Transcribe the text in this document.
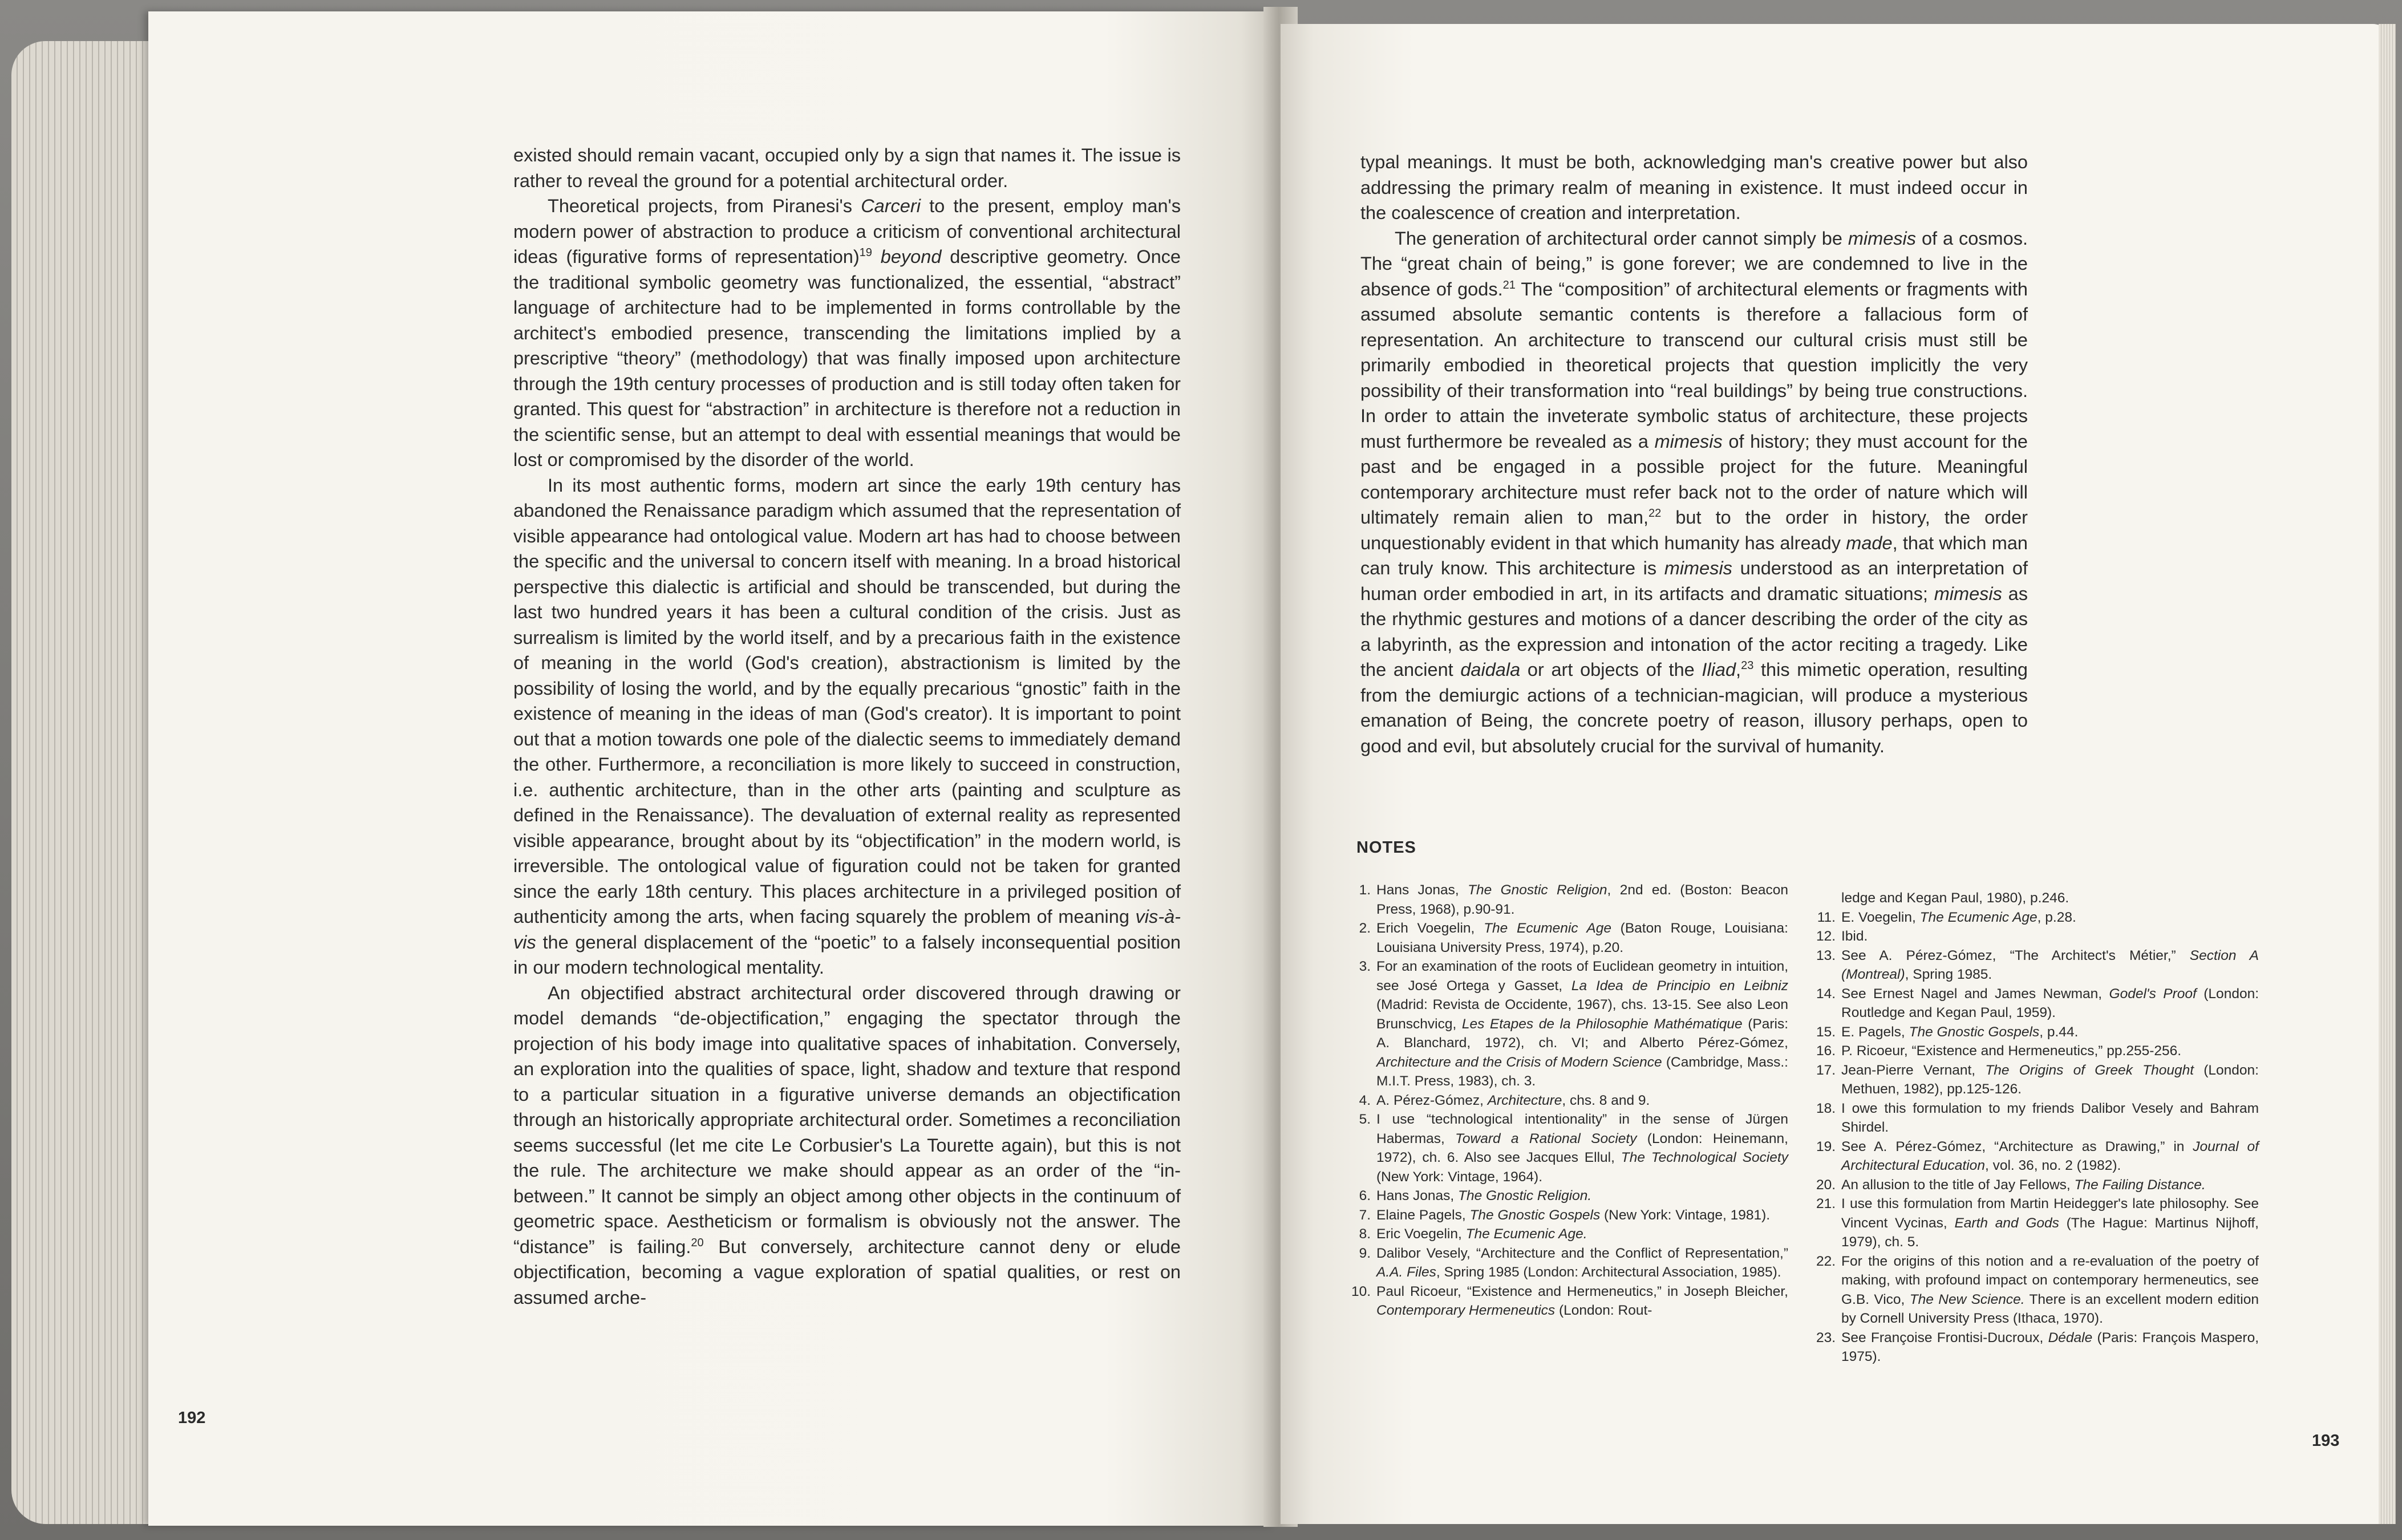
existed should remain vacant, occupied only by a sign that names it. The issue is rather to reveal the ground for a potential architectural order.

Theoretical projects, from Piranesi's Carceri to the present, employ man's modern power of abstraction to produce a criticism of conventional architectural ideas (figurative forms of representation)$^{19}$ beyond descriptive geometry. Once the traditional symbolic geometry was functionalized, the essential, “abstract” language of architecture had to be implemented in forms controllable by the architect's embodied presence, transcending the limitations implied by a prescriptive “theory” (methodology) that was finally imposed upon architecture through the 19th century processes of production and is still today often taken for granted. This quest for “abstraction” in architecture is therefore not a reduction in the scientific sense, but an attempt to deal with essential meanings that would be lost or compromised by the disorder of the world.

In its most authentic forms, modern art since the early 19th century has abandoned the Renaissance paradigm which assumed that the representation of visible appearance had ontological value. Modern art has had to choose between the specific and the universal to concern itself with meaning. In a broad historical perspective this dialectic is artificial and should be transcended, but during the last two hundred years it has been a cultural condition of the crisis. Just as surrealism is limited by the world itself, and by a precarious faith in the existence of meaning in the world (God's creation), abstractionism is limited by the possibility of losing the world, and by the equally precarious “gnostic” faith in the existence of meaning in the ideas of man (God's creator). It is important to point out that a motion towards one pole of the dialectic seems to immediately demand the other. Furthermore, a reconciliation is more likely to succeed in construction, i.e. authentic architecture, than in the other arts (painting and sculpture as defined in the Renaissance). The devaluation of external reality as represented visible appearance, brought about by its “objectification” in the modern world, is irreversible. The ontological value of figuration could not be taken for granted since the early 18th century. This places architecture in a privileged position of authenticity among the arts, when facing squarely the problem of meaning vis-à-vis the general displacement of the “poetic” to a falsely inconsequential position in our modern technological mentality.

An objectified abstract architectural order discovered through drawing or model demands “de-objectification,” engaging the spectator through the projection of his body image into qualitative spaces of inhabitation. Conversely, an exploration into the qualities of space, light, shadow and texture that respond to a particular situation in a figurative universe demands an objectification through an historically appropriate architectural order. Sometimes a reconciliation seems successful (let me cite Le Corbusier's La Tourette again), but this is not the rule. The architecture we make should appear as an order of the “in-between.” It cannot be simply an object among other objects in the continuum of geometric space. Aestheticism or formalism is obviously not the answer. The “distance” is failing.$^{20}$ But conversely, architecture cannot deny or elude objectification, becoming a vague exploration of spatial qualities, or rest on assumed arche-

192

typal meanings. It must be both, acknowledging man's creative power but also addressing the primary realm of meaning in existence. It must indeed occur in the coalescence of creation and interpretation.

The generation of architectural order cannot simply be mimesis of a cosmos. The “great chain of being,” is gone forever; we are condemned to live in the absence of gods.$^{21}$ The “composition” of architectural elements or fragments with assumed absolute semantic contents is therefore a fallacious form of representation. An architecture to transcend our cultural crisis must still be primarily embodied in theoretical projects that question implicitly the very possibility of their transformation into “real buildings” by being true constructions. In order to attain the inveterate symbolic status of architecture, these projects must furthermore be revealed as a mimesis of history; they must account for the past and be engaged in a possible project for the future. Meaningful contemporary architecture must refer back not to the order of nature which will ultimately remain alien to man,$^{22}$ but to the order in history, the order unquestionably evident in that which humanity has already made, that which man can truly know. This architecture is mimesis understood as an interpretation of human order embodied in art, in its artifacts and dramatic situations; mimesis as the rhythmic gestures and motions of a dancer describing the order of the city as a labyrinth, as the expression and intonation of the actor reciting a tragedy. Like the ancient daidala or art objects of the Iliad,$^{23}$ this mimetic operation, resulting from the demiurgic actions of a technician-magician, will produce a mysterious emanation of Being, the concrete poetry of reason, illusory perhaps, open to good and evil, but absolutely crucial for the survival of humanity.

NOTES
1. Hans Jonas, The Gnostic Religion, 2nd ed. (Boston: Beacon Press, 1968), p.90-91.
2. Erich Voegelin, The Ecumenic Age (Baton Rouge, Louisiana: Louisiana University Press, 1974), p.20.
3. For an examination of the roots of Euclidean geometry in intuition, see José Ortega y Gasset, La Idea de Principio en Leibniz (Madrid: Revista de Occidente, 1967), chs. 13-15. See also Leon Brunschvicg, Les Etapes de la Philosophie Mathématique (Paris: A. Blanchard, 1972), ch. VI; and Alberto Pérez-Gómez, Architecture and the Crisis of Modern Science (Cambridge, Mass.: M.I.T. Press, 1983), ch. 3.
4. A. Pérez-Gómez, Architecture, chs. 8 and 9.
5. I use “technological intentionality” in the sense of Jürgen Habermas, Toward a Rational Society (London: Heinemann, 1972), ch. 6. Also see Jacques Ellul, The Technological Society (New York: Vintage, 1964).
6. Hans Jonas, The Gnostic Religion.
7. Elaine Pagels, The Gnostic Gospels (New York: Vintage, 1981).
8. Eric Voegelin, The Ecumenic Age.
9. Dalibor Vesely, “Architecture and the Conflict of Representation,” A.A. Files, Spring 1985 (London: Architectural Association, 1985).
10. Paul Ricoeur, “Existence and Hermeneutics,” in Joseph Bleicher, Contemporary Hermeneutics (London: Rout-
ledge and Kegan Paul, 1980), p.246.
11. E. Voegelin, The Ecumenic Age, p.28.
12. Ibid.
13. See A. Pérez-Gómez, “The Architect's Métier,” Section A (Montreal), Spring 1985.
14. See Ernest Nagel and James Newman, Godel's Proof (London: Routledge and Kegan Paul, 1959).
15. E. Pagels, The Gnostic Gospels, p.44.
16. P. Ricoeur, “Existence and Hermeneutics,” pp.255-256.
17. Jean-Pierre Vernant, The Origins of Greek Thought (London: Methuen, 1982), pp.125-126.
18. I owe this formulation to my friends Dalibor Vesely and Bahram Shirdel.
19. See A. Pérez-Gómez, “Architecture as Drawing,” in Journal of Architectural Education, vol. 36, no. 2 (1982).
20. An allusion to the title of Jay Fellows, The Failing Distance.
21. I use this formulation from Martin Heidegger's late philosophy. See Vincent Vycinas, Earth and Gods (The Hague: Martinus Nijhoff, 1979), ch. 5.
22. For the origins of this notion and a re-evaluation of the poetry of making, with profound impact on contemporary hermeneutics, see G.B. Vico, The New Science. There is an excellent modern edition by Cornell University Press (Ithaca, 1970).
23. See Françoise Frontisi-Ducroux, Dédale (Paris: François Maspero, 1975).
193
